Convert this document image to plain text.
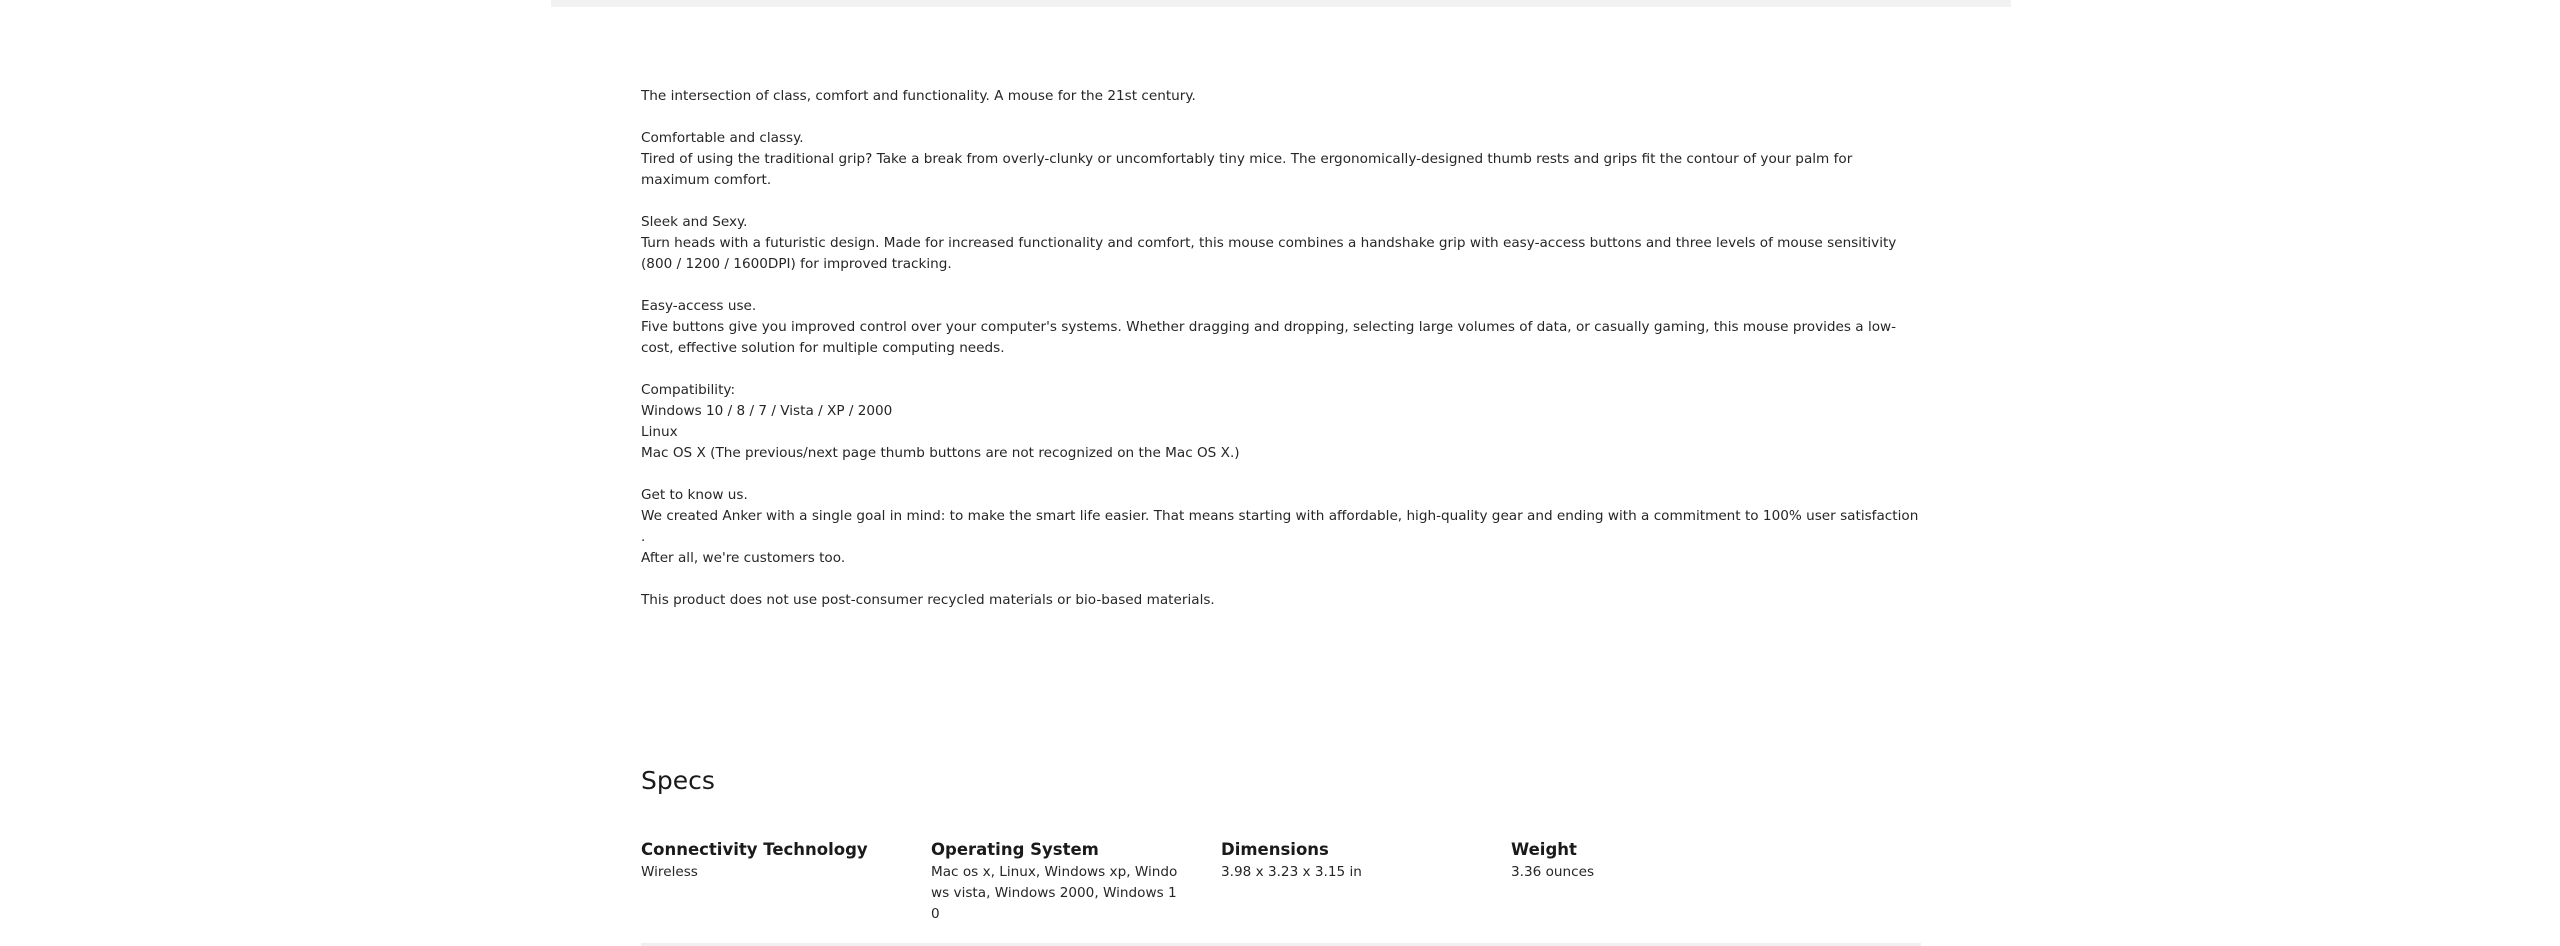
The intersection of class, comfort and functionality. A mouse for the 21st century.

Comfortable and classy.
Tired of using the traditional grip? Take a break from overly-clunky or uncomfortably tiny mice. The ergonomically-designed thumb rests and grips fit the contour of your palm for maximum comfort.

Sleek and Sexy.
Turn heads with a futuristic design. Made for increased functionality and comfort, this mouse combines a handshake grip with easy-access buttons and three levels of mouse sensitivity (800 / 1200 / 1600DPI) for improved tracking.

Easy-access use.
Five buttons give you improved control over your computer's systems. Whether dragging and dropping, selecting large volumes of data, or casually gaming, this mouse provides a low-cost, effective solution for multiple computing needs.

Compatibility:
Windows 10 / 8 / 7 / Vista / XP / 2000
Linux
Mac OS X (The previous/next page thumb buttons are not recognized on the Mac OS X.)

Get to know us.
We created Anker with a single goal in mind: to make the smart life easier. That means starting with affordable, high-quality gear and ending with a commitment to 100% user satisfaction .
After all, we're customers too.

This product does not use post-consumer recycled materials or bio-based materials.

Specs
Connectivity Technology
Wireless
Operating System
Mac os x, Linux, Windows xp, Windows vista, Windows 2000, Windows 10
Dimensions
3.98 x 3.23 x 3.15 in
Weight
3.36 ounces
